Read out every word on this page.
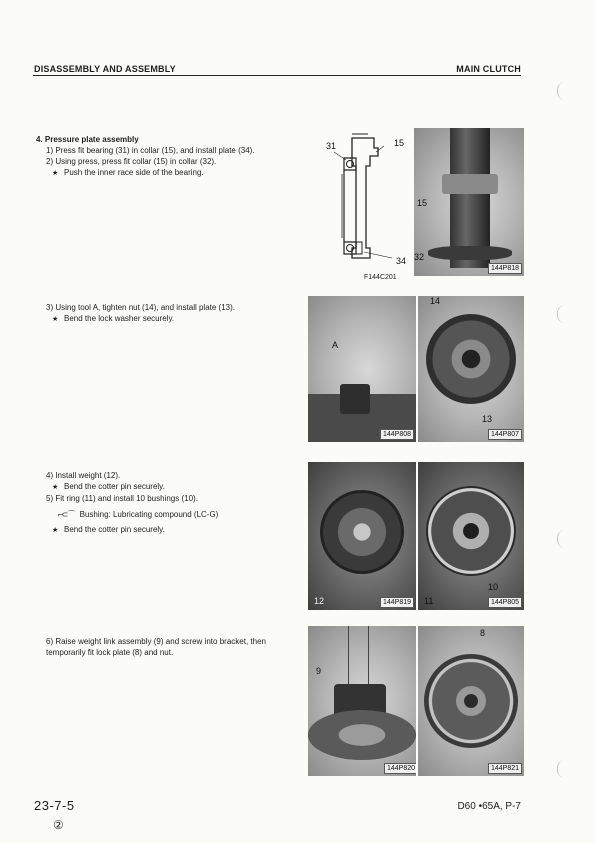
DISASSEMBLY AND ASSEMBLY	MAIN CLUTCH
4. Pressure plate assembly
1) Press fit bearing (31) in collar (15), and install plate (34).
2) Using press, press fit collar (15) in collar (32).
★ Push the inner race side of the bearing.
31	15
34
F144C201
15
32
144P818
3) Using tool A, tighten nut (14), and install plate (13).
★ Bend the lock washer securely.
A
144P808
14
13
144P807
4) Install weight (12).
★ Bend the cotter pin securely.
5) Fit ring (11) and install 10 bushings (10).
⌐⊂⌒ Bushing: Lubricating compound (LC-G)
★ Bend the cotter pin securely.
12	144P819	11
10
144P805
6) Raise weight link assembly (9) and screw into bracket, then temporarily fit lock plate (8) and nut.
9
144P820
8
144P821
23-7-5
②
D60 •65A, P-7
